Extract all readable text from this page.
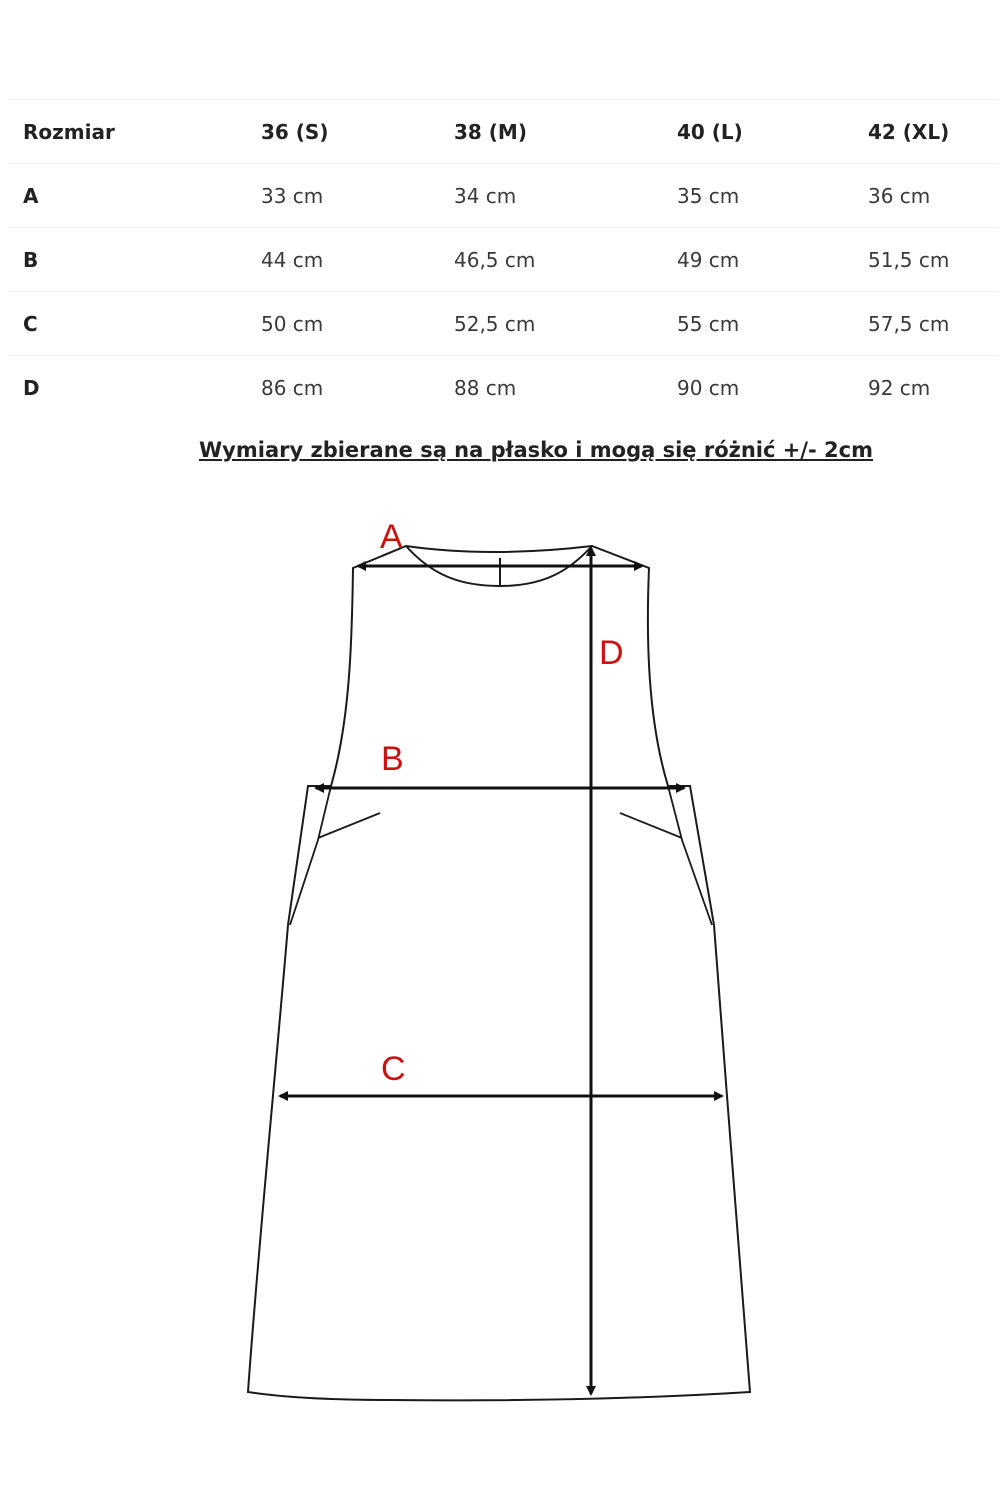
Rozmiar	36 (S)	38 (M)	40 (L)	42 (XL)
A	33 cm	34 cm	35 cm	36 cm
B	44 cm	46,5 cm	49 cm	51,5 cm
C	50 cm	52,5 cm	55 cm	57,5 cm
D	86 cm	88 cm	90 cm	92 cm
Wymiary zbierane są na płasko i mogą się różnić +/- 2cm
A
B
C
D
